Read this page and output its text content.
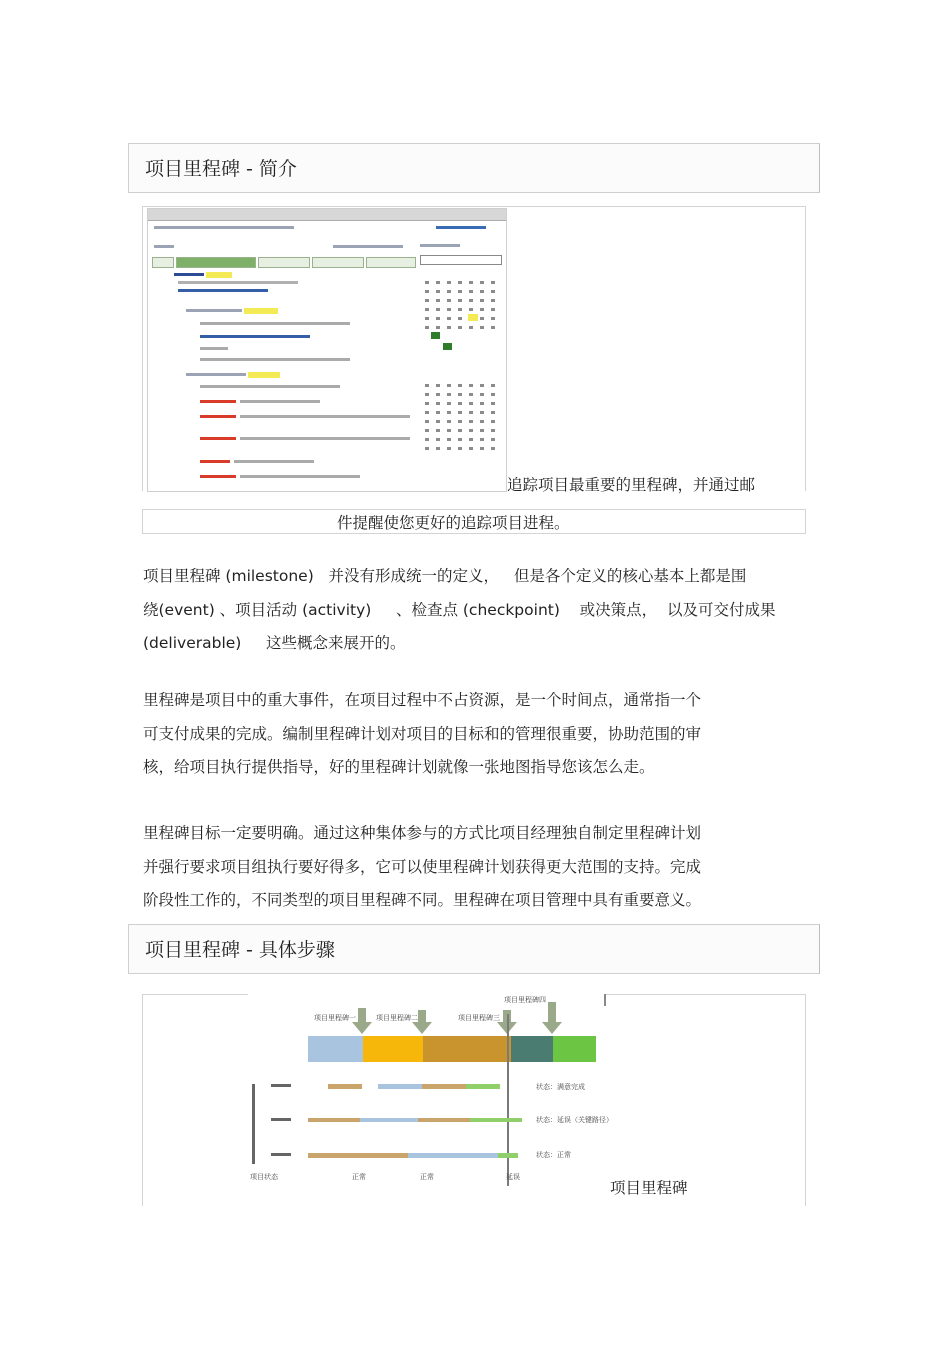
项目里程碑 - 简介
追踪项目最重要的里程碑，并通过邮
件提醒使您更好的追踪项目进程。

项目里程碑 (milestone)   并没有形成统一的定义，   但是各个定义的核心基本上都是围

绕(event) 、项目活动 (activity)     、检查点 (checkpoint)    或决策点，  以及可交付成果

(deliverable)     这些概念来展开的。

里程碑是项目中的重大事件，在项目过程中不占资源，是一个时间点，通常指一个

可支付成果的完成。编制里程碑计划对项目的目标和的管理很重要，协助范围的审

核，给项目执行提供指导，好的里程碑计划就像一张地图指导您该怎么走。

里程碑目标一定要明确。通过这种集体参与的方式比项目经理独自制定里程碑计划

并强行要求项目组执行要好得多，它可以使里程碑计划获得更大范围的支持。完成

阶段性工作的，不同类型的项目里程碑不同。里程碑在项目管理中具有重要意义。

项目里程碑 - 具体步骤
项目里程碑一	项目里程碑二	项目里程碑三
项目里程碑四
状态：满意完成
状态：延误（关键路径）
状态：正常
项目状态	正常	正常	延误
项目里程碑
